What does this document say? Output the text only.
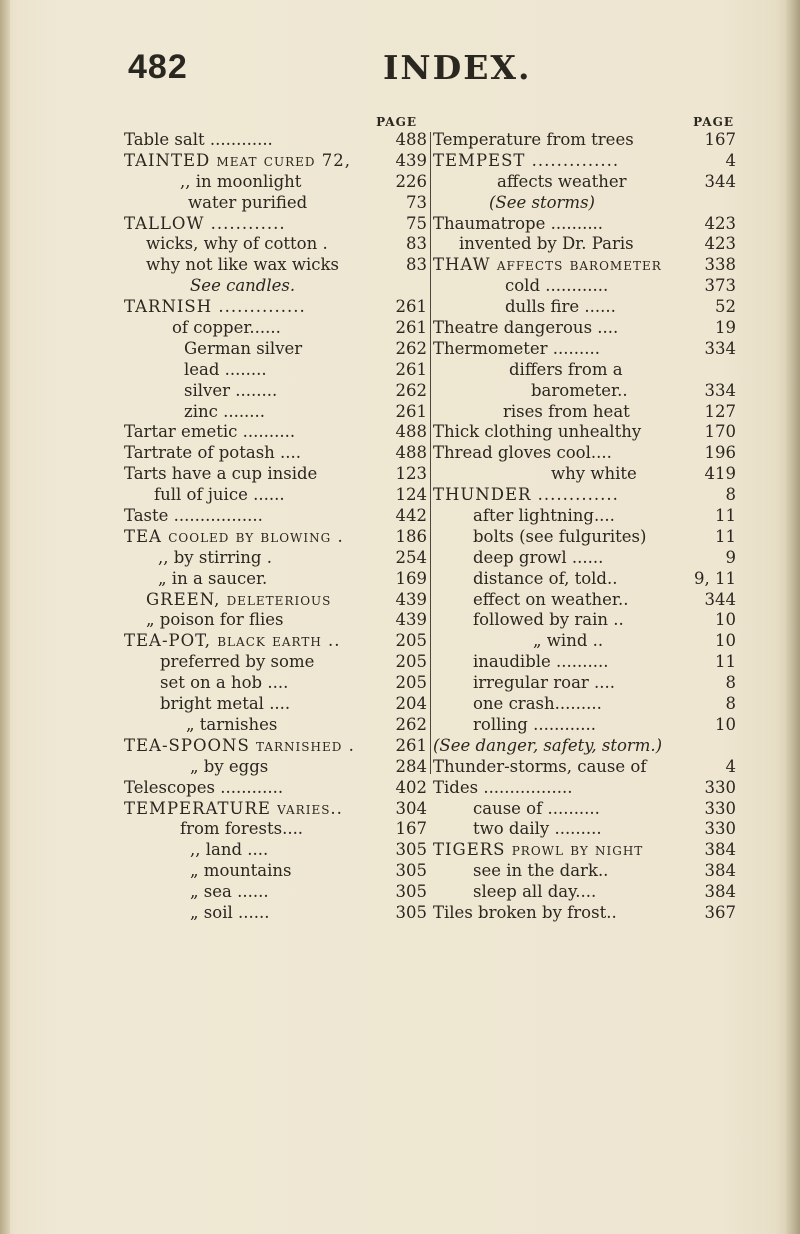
482	INDEX.
PAGE
Table salt ............	488
TAINTED meat cured 72,	439
,, in moonlight	226
water purified	73
TALLOW ............	75
wicks, why of cotton .	83
why not like wax wicks	83
See candles.
TARNISH ..............	261
of copper......	261
German silver	262
lead ........	261
silver ........	262
zinc ........	261
Tartar emetic ..........	488
Tartrate of potash ....	488
Tarts have a cup inside	123
full of juice ......	124
Taste .................	442
TEA cooled by blowing .	186
,, by stirring .	254
„ in a saucer.	169
GREEN, deleterious	439
„ poison for flies	439
TEA-POT, black earth ..	205
preferred by some	205
set on a hob ....	205
bright metal ....	204
„ tarnishes	262
TEA-SPOONS tarnished . 261
„ by eggs	284
Telescopes ............	402
TEMPERATURE varies..	304
from forests....	167
,, land ....	305
„ mountains	305
„ sea ......	305
„ soil ......	305
PAGE
Temperature from trees	167
TEMPEST ..............	4
affects weather	344
(See storms)
Thaumatrope ..........	423
invented by Dr. Paris	423
THAW affects barometer	338
cold ............	373
dulls fire ......	52
Theatre dangerous ....	19
Thermometer .........	334
differs from a
barometer..	334
rises from heat	127
Thick clothing unhealthy	170
Thread gloves cool....	196
why white	419
THUNDER .............	8
after lightning....	11
bolts (see fulgurites)	11
deep growl ......	9
distance of, told..	9, 11
effect on weather..	344
followed by rain ..	10
„ wind ..	10
inaudible ..........	11
irregular roar ....	8
one crash.........	8
rolling ............	10
(See danger, safety, storm.)
Thunder-storms, cause of	4
Tides .................	330
cause of ..........	330
two daily .........	330
TIGERS prowl by night	384
see in the dark..	384
sleep all day....	384
Tiles broken by frost..	367
